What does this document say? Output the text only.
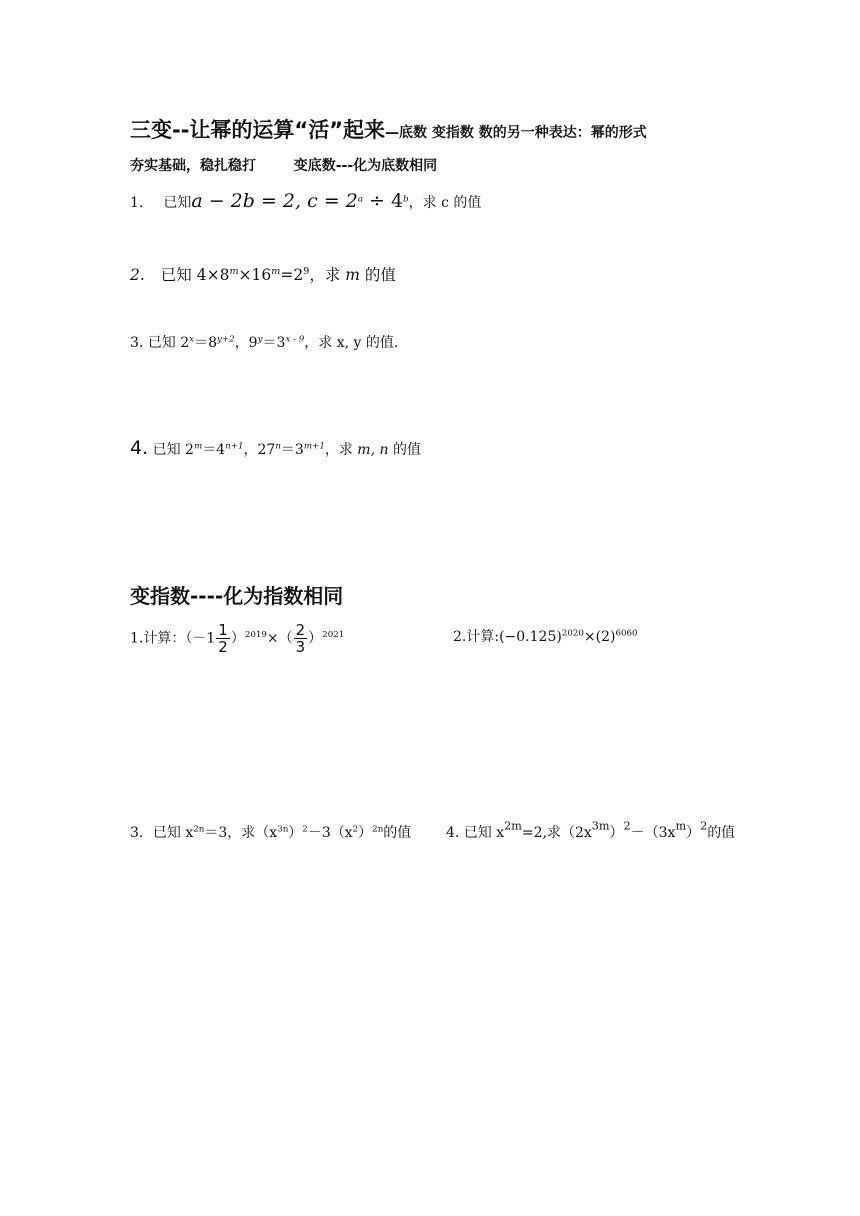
三变--让幂的运算“活”起来—底数 变指数 数的另一种表达：幂的形式
夯实基础，稳扎稳打	变底数---化为底数相同
1. 已知a − 2b = 2, $c = 2^a \div 4^b$，求 c 的值
2. 已知 $4\times 8^m\times 16^m=2^9$，求 m 的值
3. 已知 $2^x=8^{y+2}$，$9^y=3^{x - 9}$，求 x, y 的值.
4. 已知 $2^m=4^{n+1}$，$27^n=3^{m+1}$，求 m, n 的值
变指数----化为指数相同
1.计算：$(-1 \frac{1}{2} )^{2019}\times( \frac{2}{3} )^{2021}$	2.计算$:(-0.125)^{2020}\times(2)^{6060}$
3．已知 $x^{2n}=3$，求$(x^{3n})^2-3(x^2)^{2n}$的值 4. 已知 $x^{2m}=2$,求$(2x^{3m})^2-(3x^m)^2$的值
